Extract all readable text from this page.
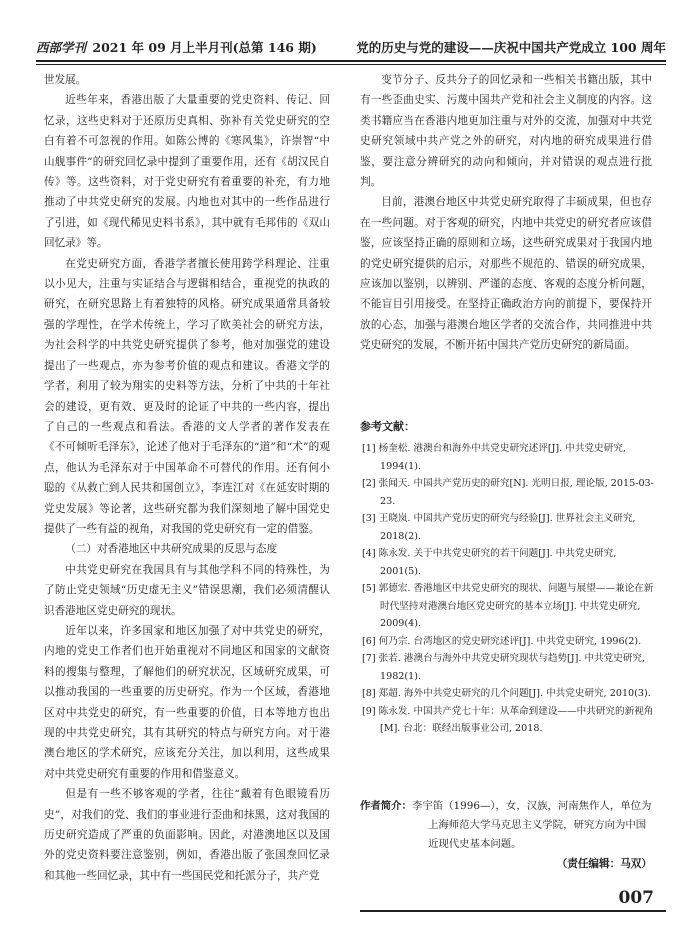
西部学刊 2021 年 09 月上半月刊(总第 146 期)	党的历史与党的建设——庆祝中国共产党成立 100 周年

世发展。

近些年来，香港出版了大量重要的党史资料、传记、回忆录，这些史料对于还原历史真相、弥补有关党史研究的空白有着不可忽视的作用。如陈公博的《寒风集》，许崇智“中山舰事件”的研究回忆录中提到了重要作用，还有《胡汉民自传》等。这些资料，对于党史研究有着重要的补充，有力地推动了中共党史研究的发展。内地也对其中的一些作品进行了引进，如《现代稀见史料书系》，其中就有毛邦伟的《双山回忆录》等。

在党史研究方面，香港学者擅长使用跨学科理论、注重以小见大，注重与实证结合与逻辑相结合，重视党的执政的研究，在研究思路上有着独特的风格。研究成果通常具备较强的学理性，在学术传统上，学习了欧美社会的研究方法，为社会科学的中共党史研究提供了参考，他对加强党的建设提出了一些观点，亦为参考价值的观点和建议。香港文学的学者，利用了较为翔实的史料等方法，分析了中共的十年社会的建设，更有效、更及时的论证了中共的一些内容，提出了自己的一些观点和看法。香港的文人学者的著作发表在《不可倾听毛泽东》，论述了他对于毛泽东的“道”和“术”的观点，他认为毛泽东对于中国革命不可替代的作用。还有何小聪的《从救亡到人民共和国创立》，李连江对《在延安时期的党史发展》等论著，这些研究都为我们深刻地了解中国党史提供了一些有益的视角，对我国的党史研究有一定的借鉴。

（二）对香港地区中共研究成果的反思与态度

中共党史研究在我国具有与其他学科不同的特殊性，为了防止党史领域“历史虚无主义”错误思潮，我们必须清醒认识香港地区党史研究的现状。

近年以来，许多国家和地区加强了对中共党史的研究，内地的党史工作者们也开始重视对不同地区和国家的文献资料的搜集与整理，了解他们的研究状况，区域研究成果，可以推动我国的一些重要的历史研究。作为一个区域，香港地区对中共党史的研究，有一些重要的价值，日本等地方也出现的中共党史研究，其有其研究的特点与研究方向。对于港澳台地区的学术研究，应该充分关注，加以利用，这些成果对中共党史研究有重要的作用和借鉴意义。

但是有一些不够客观的学者，往往“戴着有色眼镜看历史”，对我们的党、我们的事业进行歪曲和抹黑，这对我国的历史研究造成了严重的负面影响。因此，对港澳地区以及国外的党史资料要注意鉴别，例如，香港出版了张国焘回忆录和其他一些回忆录，其中有一些国民党和托派分子，共产党

变节分子、反共分子的回忆录和一些相关书籍出版，其中有一些歪曲史实、污蔑中国共产党和社会主义制度的内容。这类书籍应当在香港内地更加注重与对外的交流，加强对中共党史研究领域中共产党之外的研究，对内地的研究成果进行借鉴，要注意分辨研究的动向和倾向，并对错误的观点进行批判。

目前，港澳台地区中共党史研究取得了丰硕成果，但也存在一些问题。对于客观的研究，内地中共党史的研究者应该借鉴，应该坚持正确的原则和立场，这些研究成果对于我国内地的党史研究提供的启示，对那些不规范的、错误的研究成果，应该加以鉴别，以辨别、严谨的态度、客观的态度分析问题，不能盲目引用接受。在坚持正确政治方向的前提下，要保持开放的心态，加强与港澳台地区学者的交流合作，共同推进中共党史研究的发展，不断开拓中国共产党历史研究的新局面。

参考文献：
[1] 杨奎松. 港澳台和海外中共党史研究述评[J]. 中共党史研究, 1994(1).
[2] 张闻天. 中国共产党历史的研究[N]. 光明日报, 理论版, 2015-03-23.
[3] 王晓岚. 中国共产党历史的研究与经验[J]. 世界社会主义研究, 2018(2).
[4] 陈永发. 关于中共党史研究的若干问题[J]. 中共党史研究, 2001(5).
[5] 郭德宏. 香港地区中共党史研究的现状、问题与展望——兼论在新时代坚持对港澳台地区党史研究的基本立场[J]. 中共党史研究, 2009(4).
[6] 何乃宗. 台湾地区的党史研究述评[J]. 中共党史研究, 1996(2).
[7] 张若. 港澳台与海外中共党史研究现状与趋势[J]. 中共党史研究, 1982(1).
[8] 郑超. 海外中共党史研究的几个问题[J]. 中共党史研究, 2010(3).
[9] 陈永发. 中国共产党七十年：从革命到建设——中共研究的新视角[M]. 台北：联经出版事业公司, 2018.
作者简介：李宇笛（1996—），女，汉族，河南焦作人，单位为上海师范大学马克思主义学院，研究方向为中国近现代史基本问题。
（责任编辑：马双）
007
